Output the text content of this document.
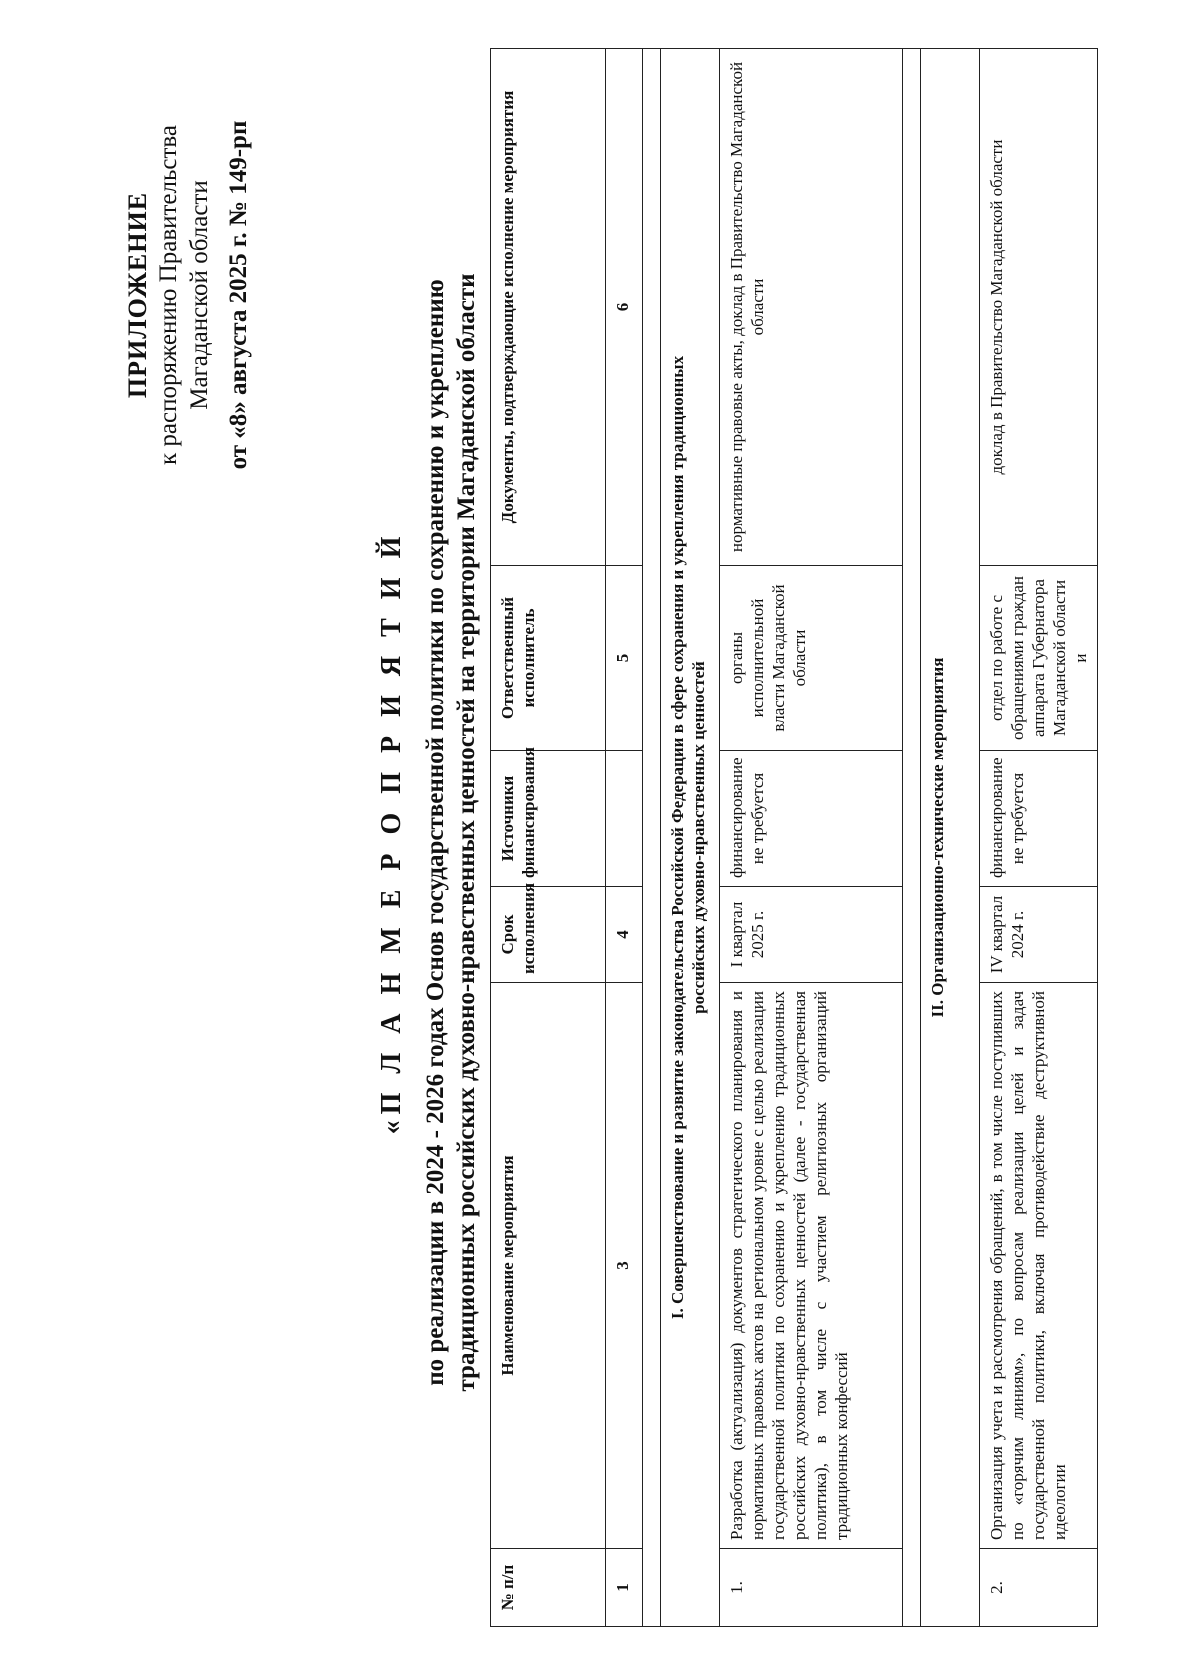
ПРИЛОЖЕНИЕ к распоряжению Правительства Магаданской области от «8» августа 2025 г. № 149-рп
«П Л А Н М Е Р О П Р И Я Т И Й по реализации в 2024 - 2026 годах Основ государственной политики по сохранению и укреплению традиционных российских духовно-нравственных ценностей на территории Магаданской области
№ п/п	Наименование мероприятия	Срок исполнения	Источники финансирования	Ответственный исполнитель	Документы, подтверждающие исполнение мероприятия
1	3	4		5	6

I. Совершенствование и развитие законодательства Российской Федерации в сфере сохранения и укрепления традиционных российских духовно-нравственных ценностей					

1.	Разработка (актуализация) документов стратегического планирования и нормативных правовых актов на региональном уровне с целью реализации государственной политики по сохранению и укреплению традиционных российских духовно-нравственных ценностей (далее - государственная политика), в том числе с участием религиозных организаций традиционных конфессий	I квартал 2025 г.	финансирование не требуется	органы исполнительной власти Магаданской области	нормативные правовые акты, доклад в Правительство Магаданской области

II. Организационно-технические мероприятия					
2.	Организация учета и рассмотрения обращений, в том числе поступивших по «горячим линиям», по вопросам реализации целей и задач государственной политики, включая противодействие деструктивной идеологии	IV квартал 2024 г.	финансирование не требуется	отдел по работе с обращениями граждан аппарата Губернатора Магаданской области и	доклад в Правительство Магаданской области
